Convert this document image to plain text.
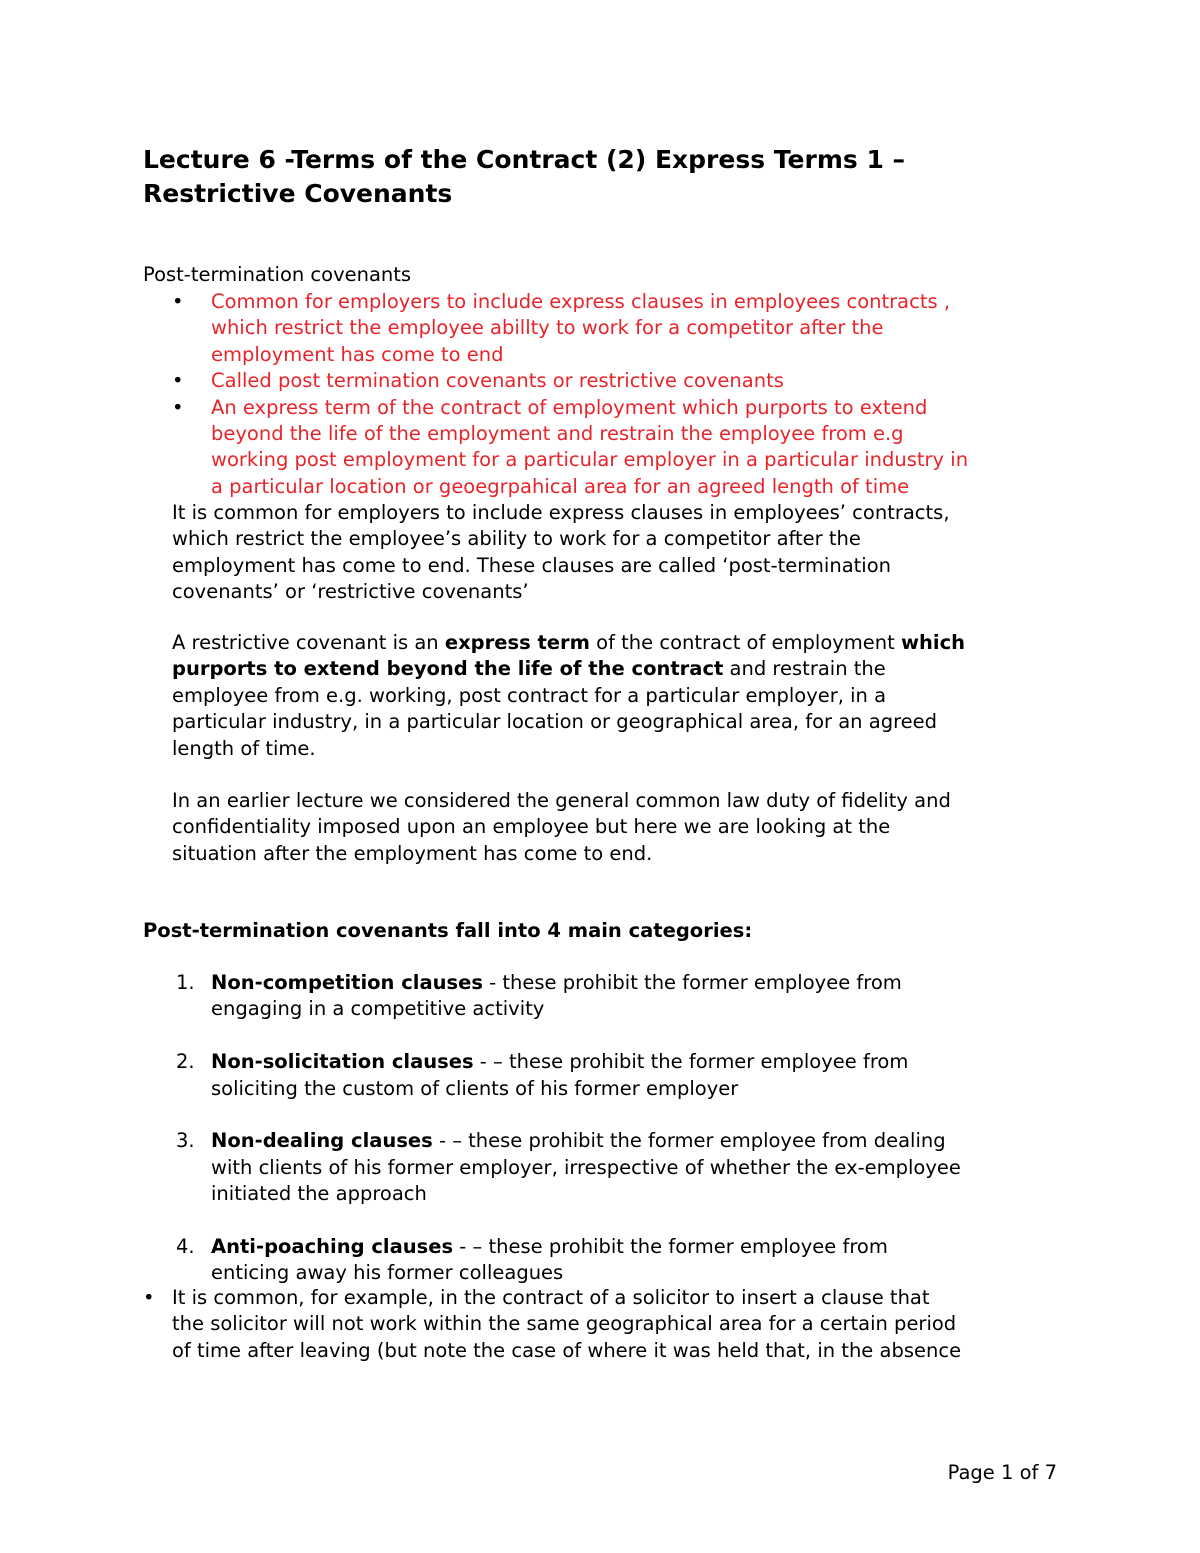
Lecture 6 -Terms of the Contract (2) Express Terms 1 –
Restrictive Covenants
Post-termination covenants
• Common for employers to include express clauses in employees contracts ,
which restrict the employee abillty to work for a competitor after the
employment has come to end
• Called post termination covenants or restrictive covenants
• An express term of the contract of employment which purports to extend
beyond the life of the employment and restrain the employee from e.g
working post employment for a particular employer in a particular industry in
a particular location or geoegrpahical area for an agreed length of time

It is common for employers to include express clauses in employees’ contracts,
which restrict the employee’s ability to work for a competitor after the
employment has come to end. These clauses are called ‘post-termination
covenants’ or ‘restrictive covenants’

A restrictive covenant is an express term of the contract of employment which
purports to extend beyond the life of the contract and restrain the
employee from e.g. working, post contract for a particular employer, in a
particular industry, in a particular location or geographical area, for an agreed
length of time.

In an earlier lecture we considered the general common law duty of fidelity and
confidentiality imposed upon an employee but here we are looking at the
situation after the employment has come to end.

Post-termination covenants fall into 4 main categories:
1. Non-competition clauses - these prohibit the former employee from
engaging in a competitive activity
2. Non-solicitation clauses - – these prohibit the former employee from
soliciting the custom of clients of his former employer
3. Non-dealing clauses - – these prohibit the former employee from dealing
with clients of his former employer, irrespective of whether the ex-employee
initiated the approach
4. Anti-poaching clauses - – these prohibit the former employee from
enticing away his former colleagues
• It is common, for example, in the contract of a solicitor to insert a clause that
the solicitor will not work within the same geographical area for a certain period
of time after leaving (but note the case of where it was held that, in the absence
Page 1 of 7
